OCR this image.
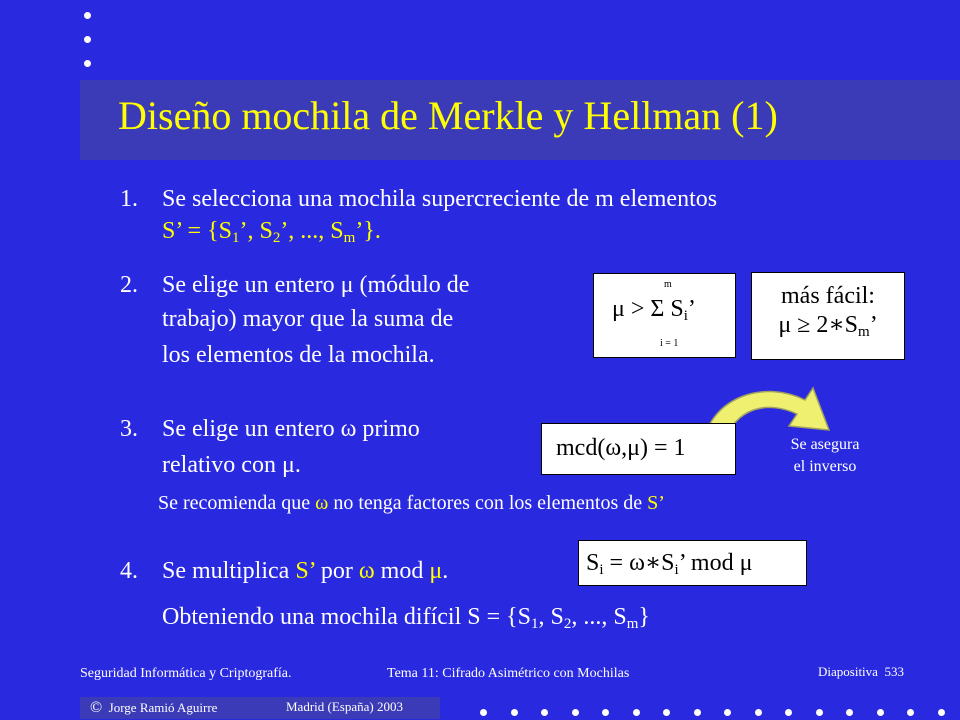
Diseño mochila de Merkle y Hellman (1)
1. Se selecciona una mochila supercreciente de m elementos
S’ = {$S_1$’, $S_2$’, ..., $S_m$’}.
2. Se elige un entero μ (módulo de
trabajo) mayor que la suma de
los elementos de la mochila.
m
μ > Σ $S_i$’
i = 1
más fácil:
$\mu \ge 2∗S_m$’
3. Se elige un entero ω primo
relativo con μ.
mcd(ω,μ) = 1	Se asegura
el inverso
Se recomienda que ω no tenga factores con los elementos de S’
4. Se multiplica S’ por ω mod μ.	$S_i$ = $\omega∗S_i$’ mod μ
Obteniendo una mochila difícil $S = \{S_1$, $S_2$, ..., $S_m$}
Seguridad Informática y Criptografía.	Tema 11: Cifrado Asimétrico con Mochilas	Diapositiva 533
© Jorge Ramió Aguirre	Madrid (España) 2003
